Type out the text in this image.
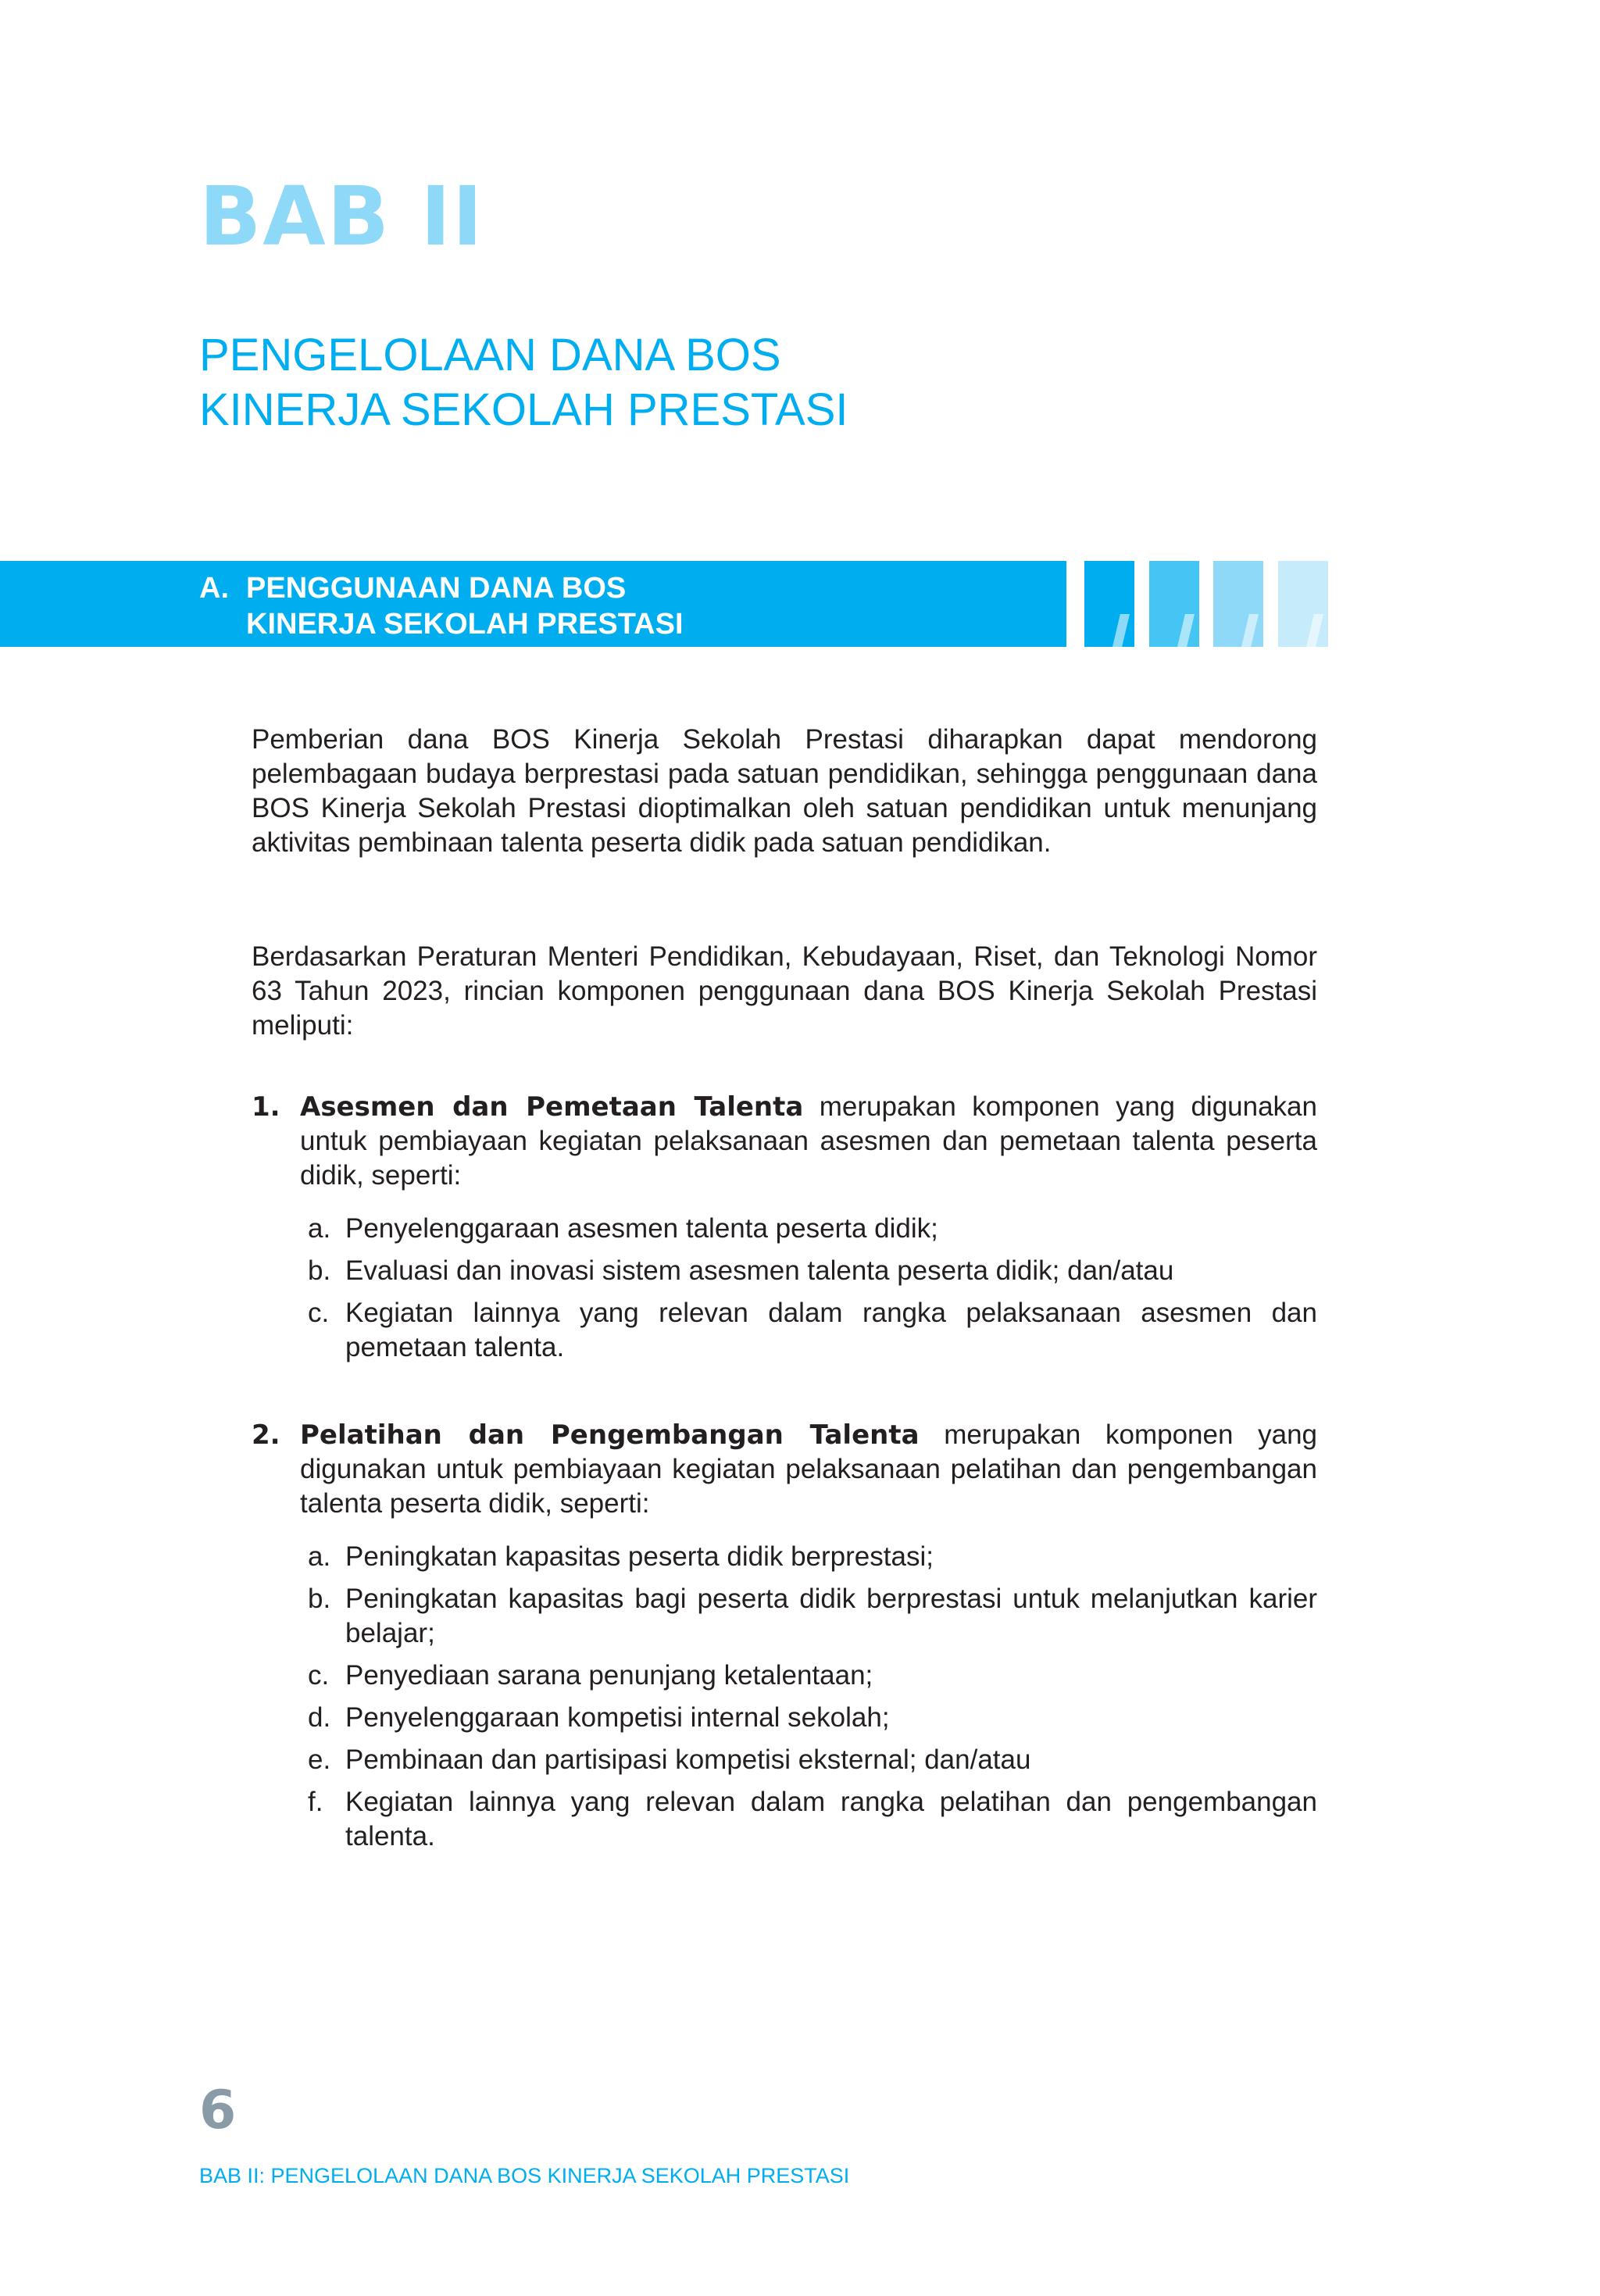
BAB II
PENGELOLAAN DANA BOS
KINERJA SEKOLAH PRESTASI
A. PENGGUNAAN DANA BOS
KINERJA SEKOLAH PRESTASI

Pemberian dana BOS Kinerja Sekolah Prestasi diharapkan dapat mendorong pelembagaan budaya berprestasi pada satuan pendidikan, sehingga penggunaan dana BOS Kinerja Sekolah Prestasi dioptimalkan oleh satuan pendidikan untuk menunjang aktivitas pembinaan talenta peserta didik pada satuan pendidikan.

Berdasarkan Peraturan Menteri Pendidikan, Kebudayaan, Riset, dan Teknologi Nomor 63 Tahun 2023, rincian komponen penggunaan dana BOS Kinerja Sekolah Prestasi meliputi:

1. Asesmen dan Pemetaan Talenta merupakan komponen yang digunakan untuk pembiayaan kegiatan pelaksanaan asesmen dan pemetaan talenta peserta didik, seperti:

a. Penyelenggaraan asesmen talenta peserta didik;
b. Evaluasi dan inovasi sistem asesmen talenta peserta didik; dan/atau
c. Kegiatan lainnya yang relevan dalam rangka pelaksanaan asesmen dan pemetaan talenta.

2. Pelatihan dan Pengembangan Talenta merupakan komponen yang digunakan untuk pembiayaan kegiatan pelaksanaan pelatihan dan pengembangan talenta peserta didik, seperti:

a. Peningkatan kapasitas peserta didik berprestasi;
b. Peningkatan kapasitas bagi peserta didik berprestasi untuk melanjutkan karier belajar;
c. Penyediaan sarana penunjang ketalentaan;
d. Penyelenggaraan kompetisi internal sekolah;
e. Pembinaan dan partisipasi kompetisi eksternal; dan/atau
f. Kegiatan lainnya yang relevan dalam rangka pelatihan dan pengembangan talenta.

6

BAB II: PENGELOLAAN DANA BOS KINERJA SEKOLAH PRESTASI
